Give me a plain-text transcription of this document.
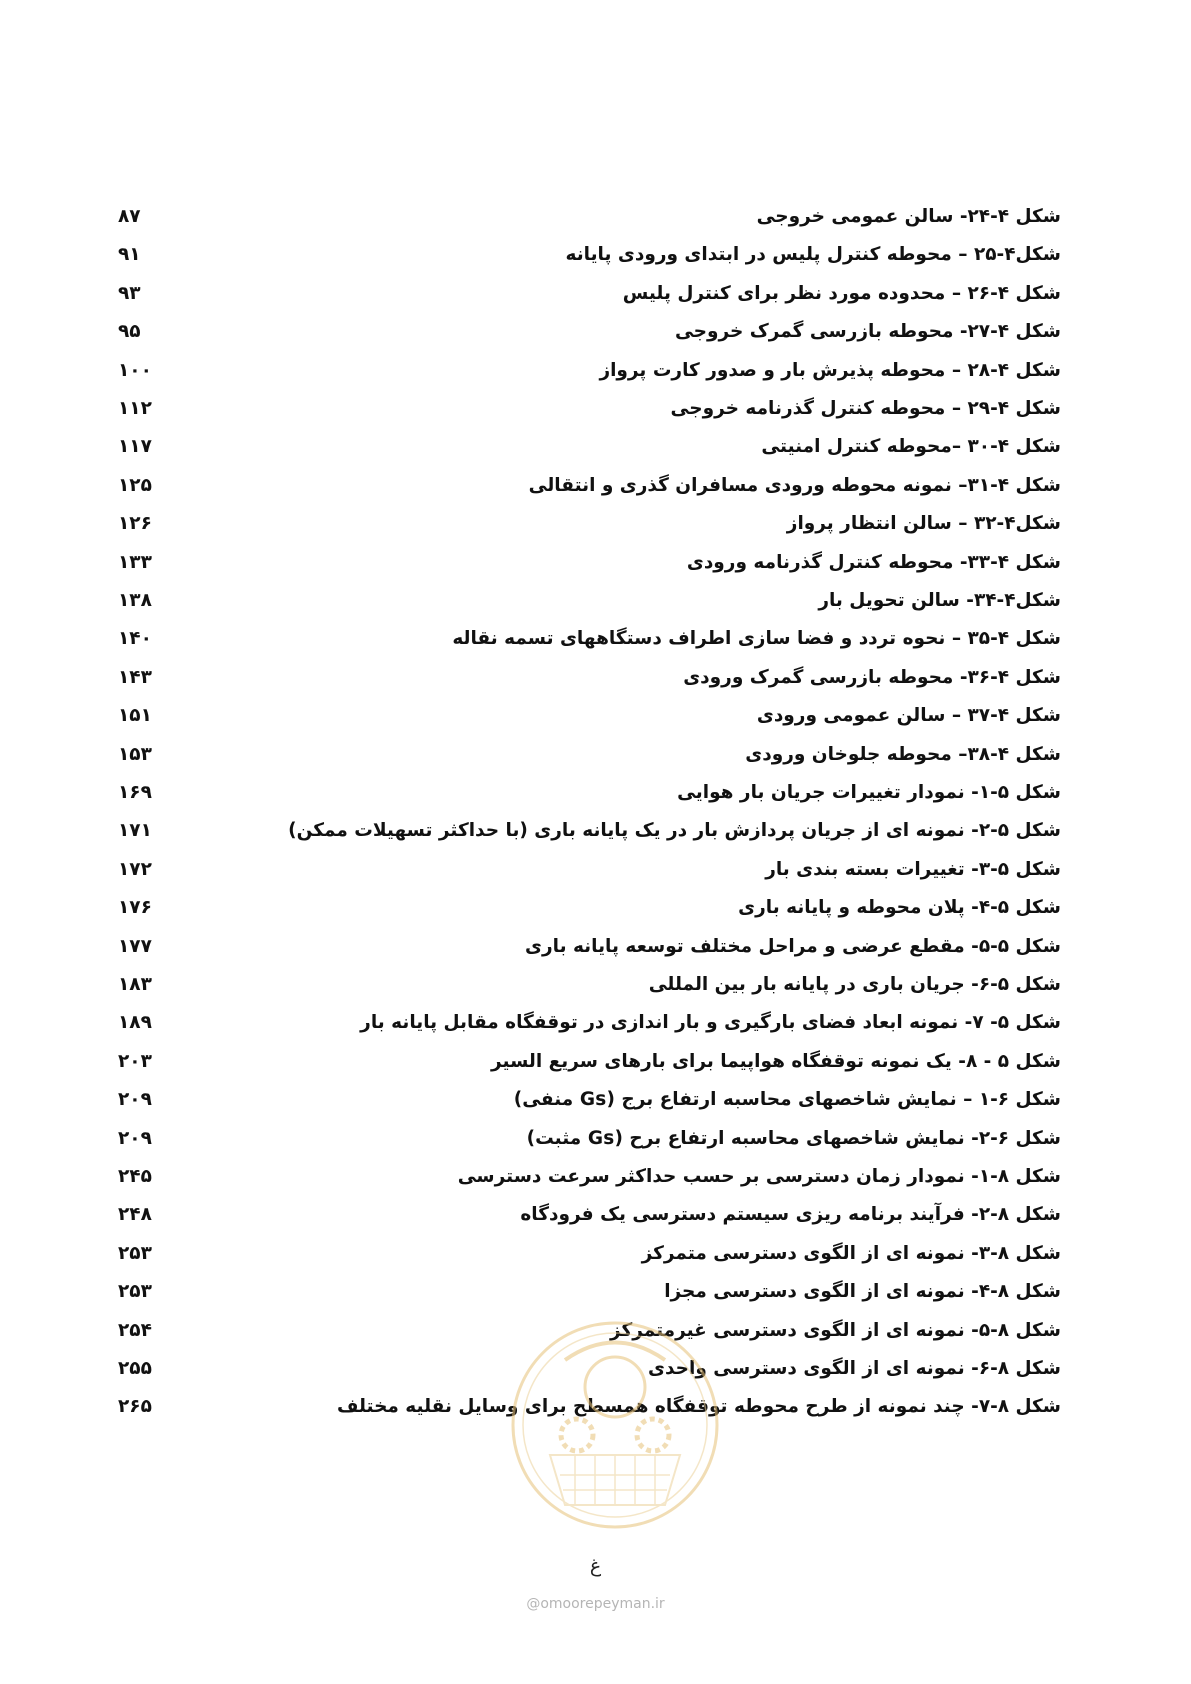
شکل ۴-۲۴- سالن عمومی خروجی
۸۷
شکل۴-۲۵ – محوطه کنترل پلیس در ابتدای ورودی پایانه
۹۱
شکل ۴-۲۶ – محدوده مورد نظر برای کنترل پلیس
۹۳
شکل ۴-۲۷- محوطه بازرسی گمرک خروجی
۹۵
شکل ۴-۲۸ – محوطه پذیرش بار و صدور کارت پرواز
۱۰۰
شکل ۴-۲۹ – محوطه کنترل گذرنامه خروجی
۱۱۲
شکل ۴-۳۰ –محوطه کنترل امنیتی
۱۱۷
شکل ۴-۳۱– نمونه محوطه ورودی مسافران گذری و انتقالی
۱۲۵
شکل۴-۳۲ – سالن انتظار پرواز
۱۲۶
شکل ۴-۳۳- محوطه کنترل گذرنامه ورودی
۱۳۳
شکل۴-۳۴- سالن تحویل بار
۱۳۸
شکل ۴-۳۵ – نحوه تردد و فضا سازی اطراف دستگاههای تسمه نقاله
۱۴۰
شکل ۴-۳۶- محوطه بازرسی گمرک ورودی
۱۴۳
شکل ۴-۳۷ – سالن عمومی ورودی
۱۵۱
شکل ۴-۳۸– محوطه جلوخان ورودی
۱۵۳
شکل ۵-۱- نمودار تغییرات جریان بار هوایی
۱۶۹
شکل ۵-۲- نمونه ای از جریان پردازش بار در یک پایانه باری (با حداکثر تسهیلات ممکن)
۱۷۱
شکل ۵-۳- تغییرات بسته بندی بار
۱۷۲
شکل ۵-۴- پلان محوطه و پایانه باری
۱۷۶
شکل ۵-۵- مقطع عرضی و مراحل مختلف توسعه پایانه باری
۱۷۷
شکل ۵-۶- جریان باری در پایانه بار بین المللی
۱۸۳
شکل ۵- ۷- نمونه ابعاد فضای بارگیری و بار اندازی در توقفگاه مقابل پایانه بار
۱۸۹
شکل ۵ - ۸- یک نمونه توقفگاه هواپیما برای بارهای سریع السیر
۲۰۳
شکل ۶-۱ – نمایش شاخصهای محاسبه ارتفاع برج (Gs منفی)
۲۰۹
شکل ۶-۲- نمایش شاخصهای محاسبه ارتفاع برح (Gs مثبت)
۲۰۹
شکل ۸-۱- نمودار زمان دسترسی بر حسب حداکثر سرعت دسترسی
۲۴۵
شکل ۸-۲- فرآیند برنامه ریزی سیستم دسترسی یک فرودگاه
۲۴۸
شکل ۸-۳- نمونه ای از الگوی دسترسی متمرکز
۲۵۳
شکل ۸-۴- نمونه ای از الگوی دسترسی مجزا
۲۵۳
شکل ۸-۵- نمونه ای از الگوی دسترسی غیرمتمرکز
۲۵۴
شکل ۸-۶- نمونه ای از الگوی دسترسی واحدی
۲۵۵
شکل ۸-۷- چند نمونه از طرح محوطه توقفگاه همسطح برای وسایل نقلیه مختلف
۲۶۵
غ
@omoorepeyman.ir
